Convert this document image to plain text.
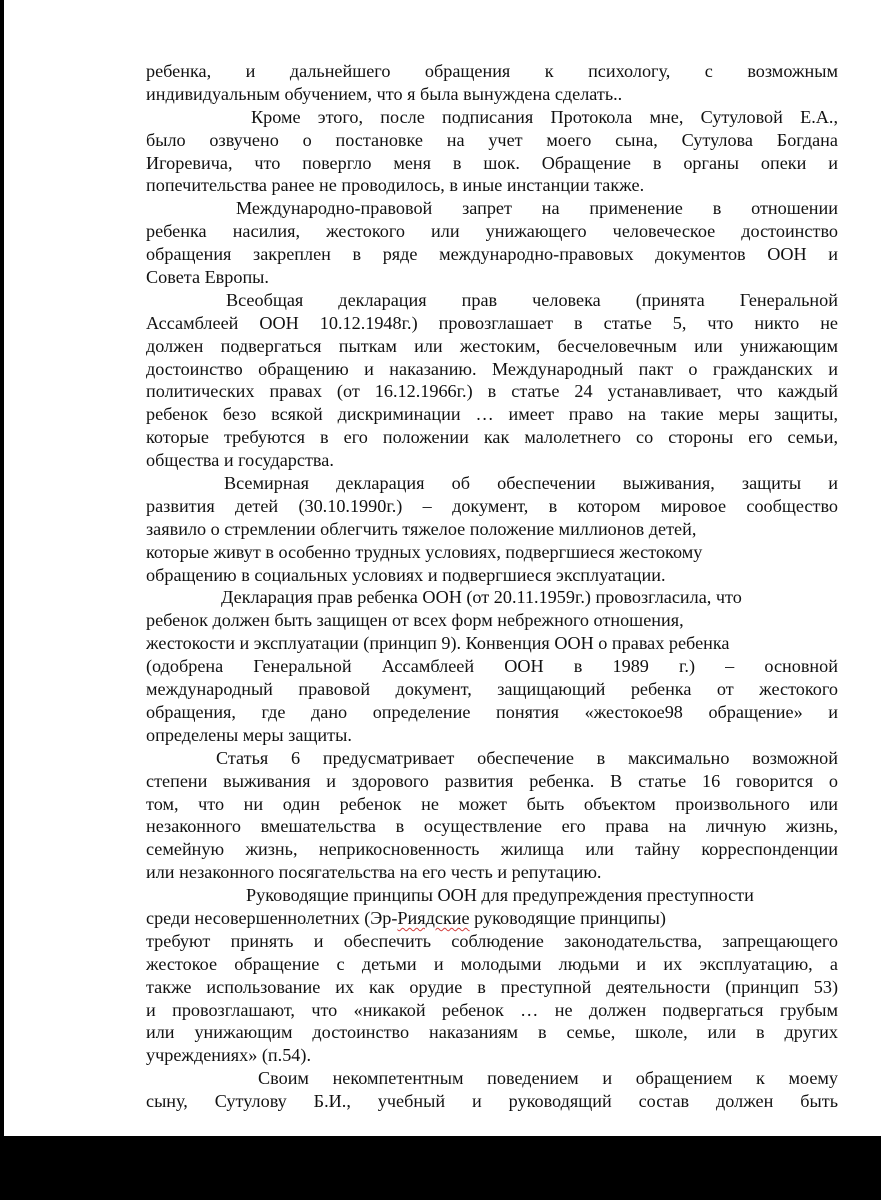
ребенка, и дальнейшего обращения к психологу, с возможным
индивидуальным обучением, что я была вынуждена сделать..
Кроме этого, после подписания Протокола мне, Сутуловой Е.А.,
было озвучено о постановке на учет моего сына, Сутулова Богдана
Игоревича, что повергло меня в шок. Обращение в органы опеки и
попечительства ранее не проводилось, в иные инстанции также.
Международно-правовой запрет на применение в отношении
ребенка насилия, жестокого или унижающего человеческое достоинство
обращения закреплен в ряде международно-правовых документов ООН и
Совета Европы.
Всеобщая декларация прав человека (принята Генеральной
Ассамблеей ООН 10.12.1948г.) провозглашает в статье 5, что никто не
должен подвергаться пыткам или жестоким, бесчеловечным или унижающим
достоинство обращению и наказанию. Международный пакт о гражданских и
политических правах (от 16.12.1966г.) в статье 24 устанавливает, что каждый
ребенок безо всякой дискриминации … имеет право на такие меры защиты,
которые требуются в его положении как малолетнего со стороны его семьи,
общества и государства.
Всемирная декларация об обеспечении выживания, защиты и
развития детей (30.10.1990г.) – документ, в котором мировое сообщество
заявило о стремлении облегчить тяжелое положение миллионов детей,
которые живут в особенно трудных условиях, подвергшиеся жестокому
обращению в социальных условиях и подвергшиеся эксплуатации.
Декларация прав ребенка ООН (от 20.11.1959г.) провозгласила, что
ребенок должен быть защищен от всех форм небрежного отношения,
жестокости и эксплуатации (принцип 9). Конвенция ООН о правах ребенка
(одобрена Генеральной Ассамблеей ООН в 1989 г.) – основной
международный правовой документ, защищающий ребенка от жестокого
обращения, где дано определение понятия «жестокое98 обращение» и
определены меры защиты.
Статья 6 предусматривает обеспечение в максимально возможной
степени выживания и здорового развития ребенка. В статье 16 говорится о
том, что ни один ребенок не может быть объектом произвольного или
незаконного вмешательства в осуществление его права на личную жизнь,
семейную жизнь, неприкосновенность жилища или тайну корреспонденции
или незаконного посягательства на его честь и репутацию.
Руководящие принципы ООН для предупреждения преступности
среди несовершеннолетних (Эр-Риядские руководящие принципы)
требуют принять и обеспечить соблюдение законодательства, запрещающего
жестокое обращение с детьми и молодыми людьми и их эксплуатацию, а
также использование их как орудие в преступной деятельности (принцип 53)
и провозглашают, что «никакой ребенок … не должен подвергаться грубым
или унижающим достоинство наказаниям в семье, школе, или в других
учреждениях» (п.54).
Своим некомпетентным поведением и обращением к моему
сыну, Сутулову Б.И., учебный и руководящий состав должен быть
